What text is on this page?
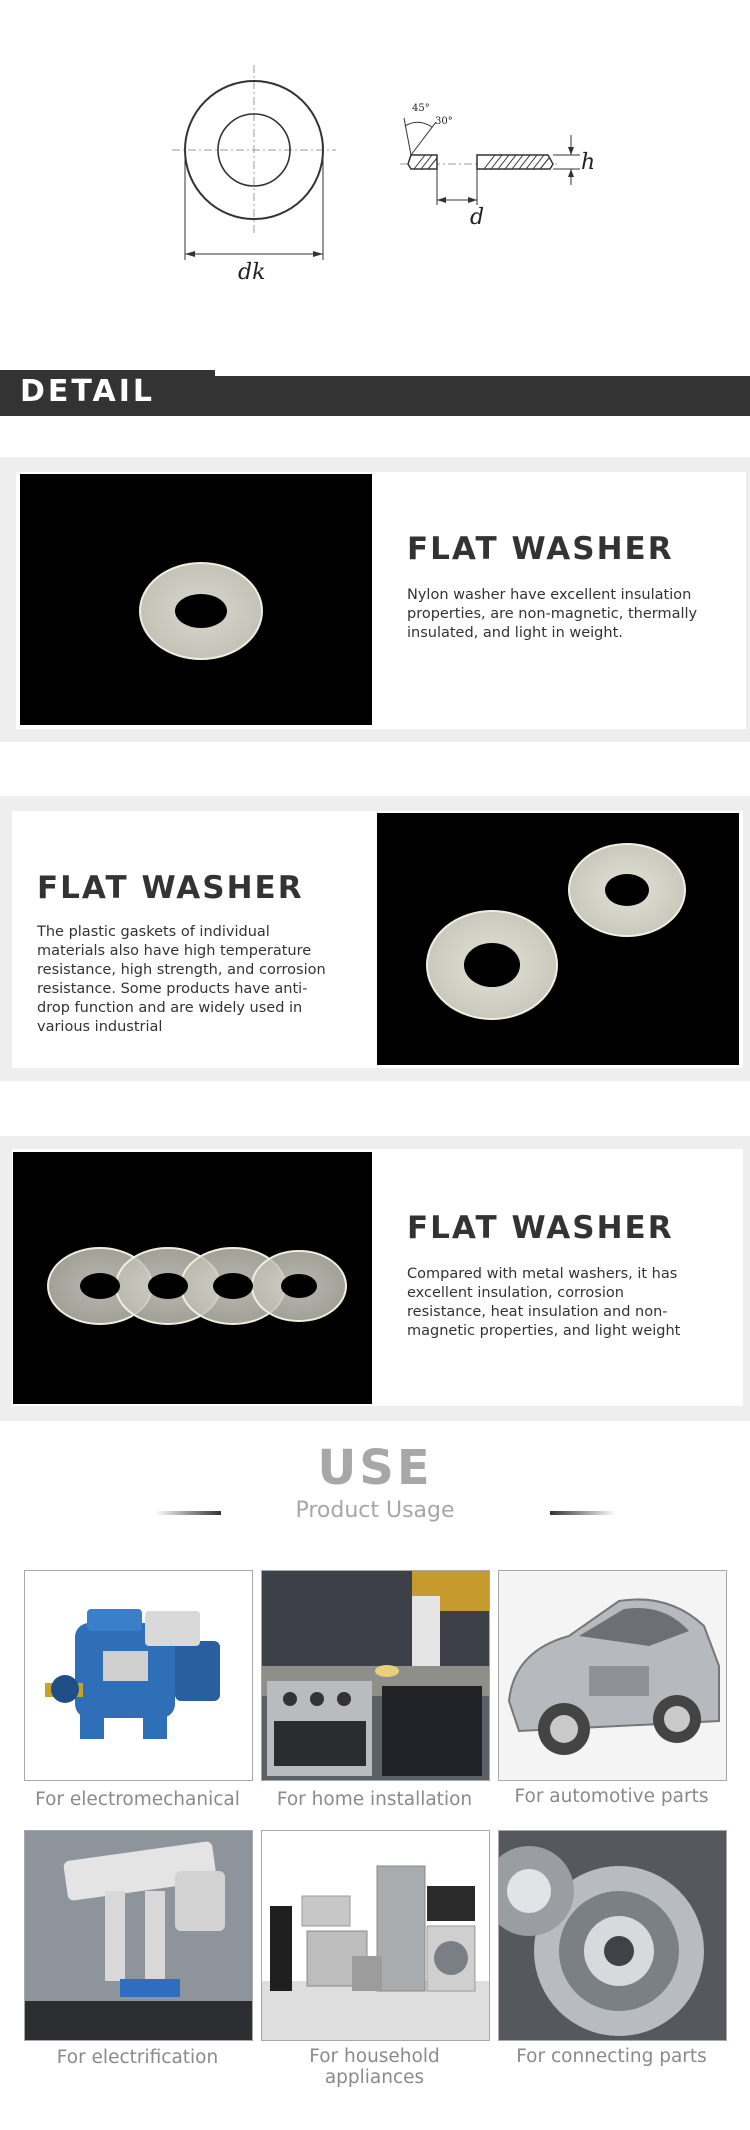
dk
d
h
45°
30°
DETAIL
FLAT WASHER
Nylon washer have excellent insulation properties, are non-magnetic, thermally insulated, and light in weight.
FLAT WASHER
The plastic gaskets of individual materials also have high temperature resistance, high strength, and corrosion resistance. Some products have anti-drop function and are widely used in various industrial
FLAT WASHER
Compared with metal washers, it has excellent insulation, corrosion resistance, heat insulation and non-magnetic properties, and light weight
USE
Product Usage
For electromechanical	For home installation	For automotive parts
For electrification	For household appliances
For connecting parts
